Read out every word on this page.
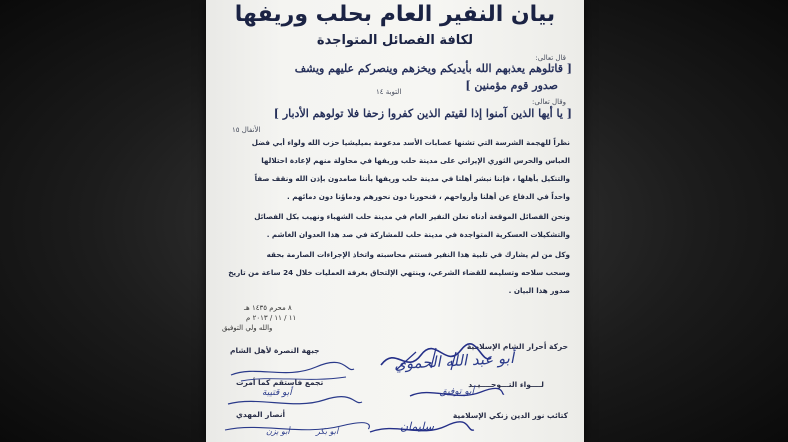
بيان النفير العام بحلب وريفها
لكافة الفصائل المتواجدة
قال تعالى:
[ قاتلوهم يعذبهم الله بأيديكم ويخزهم وينصركم عليهم ويشف
صدور قوم مؤمنين ]
التوبة ١٤
وقال تعالى:
[ يا أيها الذين آمنوا إذا لقيتم الذين كفروا زحفا فلا تولوهم الأدبار ]
الأنفال ١٥
نظراً للهجمة الشرسة التي تشنها عصابات الأسد مدعومة بميليشيا حزب الله ولواء أبي فضل
العباس والحرس الثوري الإيراني على مدينة حلب وريفها في محاولة منهم لإعادة احتلالها
والتنكيل بأهلها ، فإننا نبشر أهلنا في مدينة حلب وريفها بأننا صامدون بإذن الله ونقف صفاً
واحداً في الدفاع عن أهلنا وأرواحهم ، فنحورنا دون نحورهم ودماؤنا دون دمائهم .
ونحن الفصائل الموقعة أدناه نعلن النفير العام في مدينة حلب الشهباء ونهيب بكل الفصائل
والتشكيلات العسكرية المتواجدة في مدينة حلب للمشاركة في صد هذا العدوان الغاشم .
وكل من لم يشارك في تلبية هذا النفير فستتم محاسبته واتخاذ الإجراءات الصارمة بحقه
وسحب سلاحه وتسليمه للقضاء الشرعي، وينتهي الإلتحاق بغرفة العمليات خلال 24 ساعة من تاريخ
صدور هذا البيان .
٨ محرم ١٤٣٥ هـ
١١ / ١١ / ٢٠١٣ م
والله ولي التوفيق
حركة أحرار الشام الإسلامية
لــــواء التـــوحــــيــد
كتائب نور الدين زنكي الإسلامية
جبهة النصرة لأهل الشام
تجمع فاستقم كما أمرت
أنصار المهدي
أبو عبد الله الحموي
أبو توفيق
سليمان
أبو قتيبة
أبو يزن	أبو بكر
